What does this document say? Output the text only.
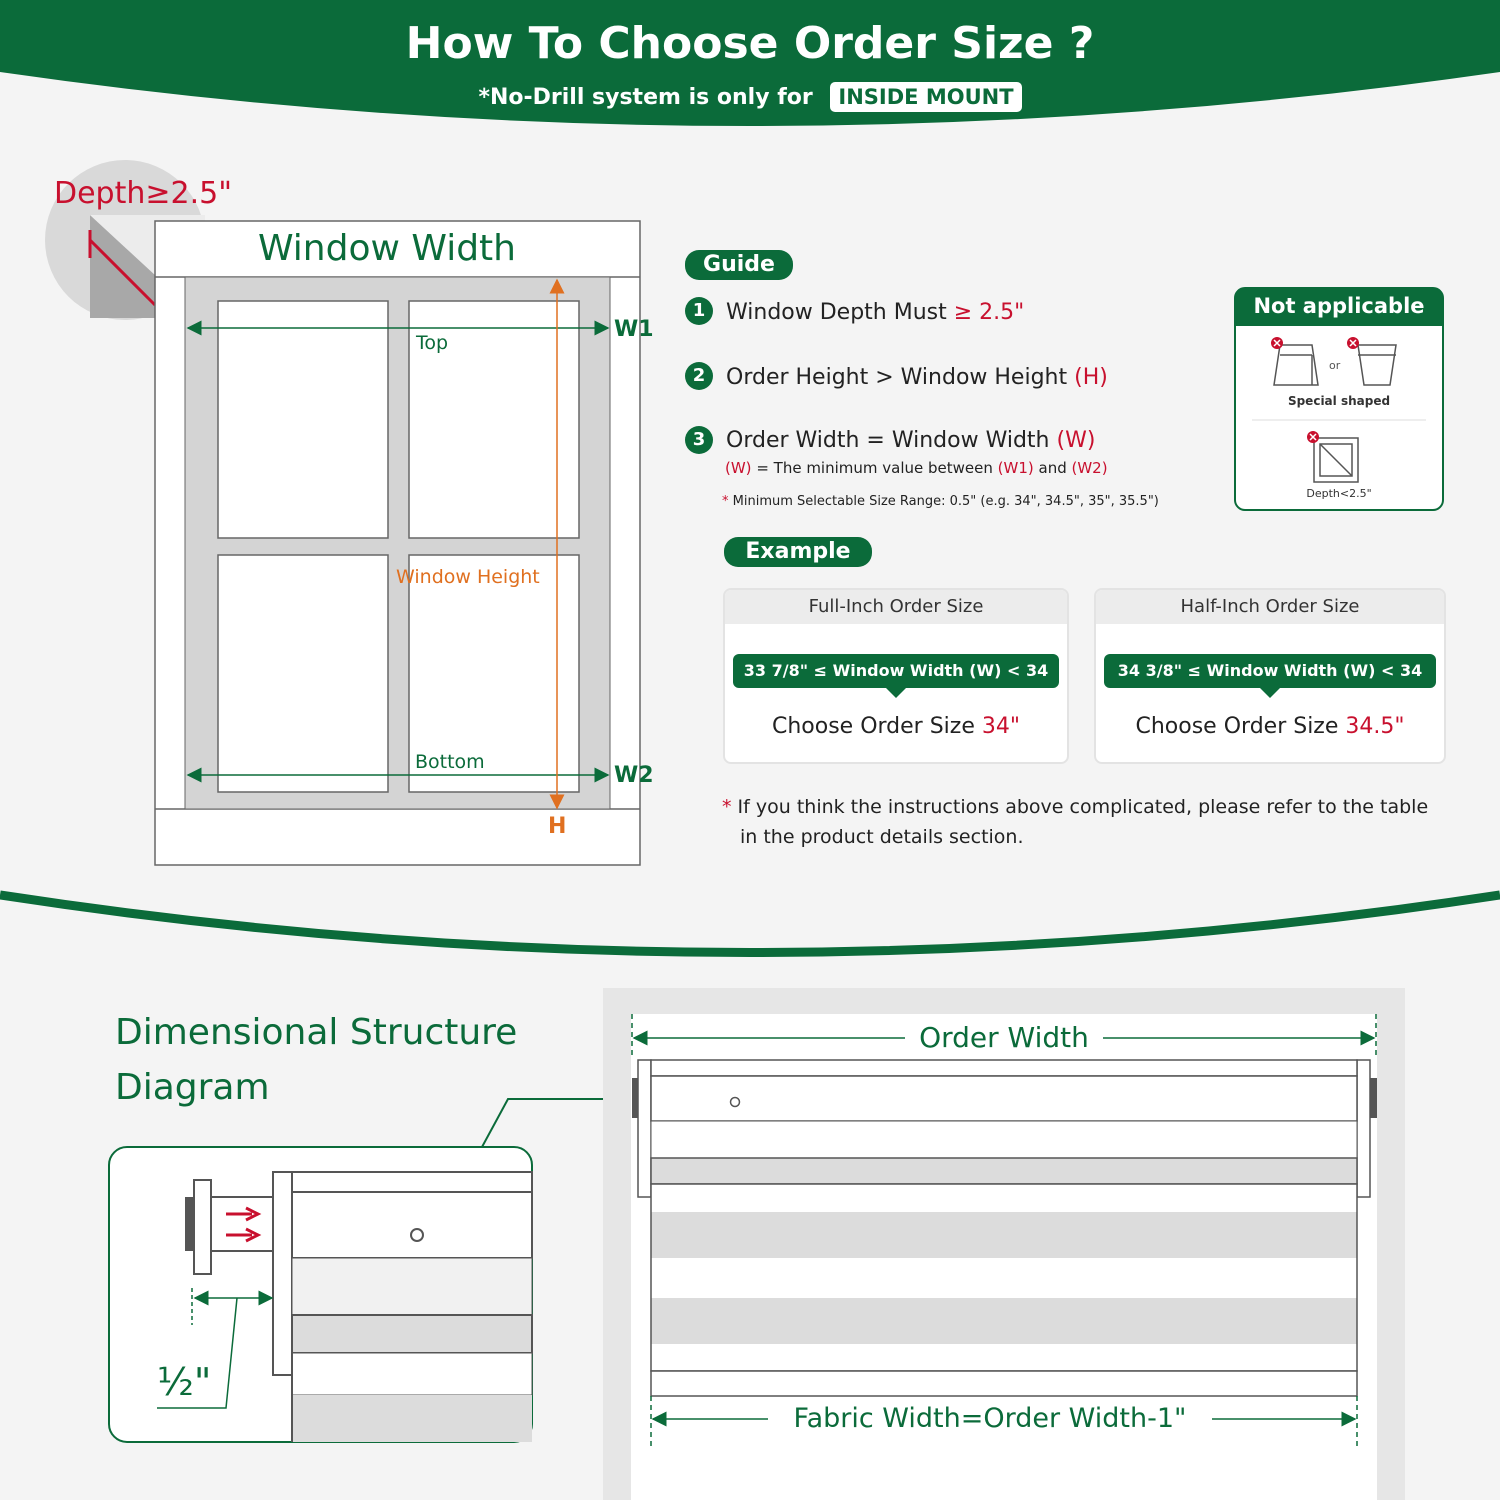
How To Choose Order Size ?
*No-Drill system is only for INSIDE MOUNT
Depth≥2.5"
Window Width
Top
Window Height
Bottom
W1
W2
H
Guide
1 Window Depth Must ≥ 2.5"
2 Order Height > Window Height (H)
3 Order Width = Window Width (W)
(W) = The minimum value between (W1) and (W2)
* Minimum Selectable Size Range: 0.5" (e.g. 34", 34.5", 35", 35.5")
Not applicable
or
Special shaped
Depth<2.5"
Example
Full-Inch Order Size
33 7/8" ≤ Window Width (W) < 34 3/8"
Choose Order Size 34"
Half-Inch Order Size
34 3/8" ≤ Window Width (W) < 34 7/8"
Choose Order Size 34.5"
* If you think the instructions above complicated, please refer to the table
in the product details section.
Dimensional Structure
Diagram
½"
Order Width
Fabric Width=Order Width-1"
